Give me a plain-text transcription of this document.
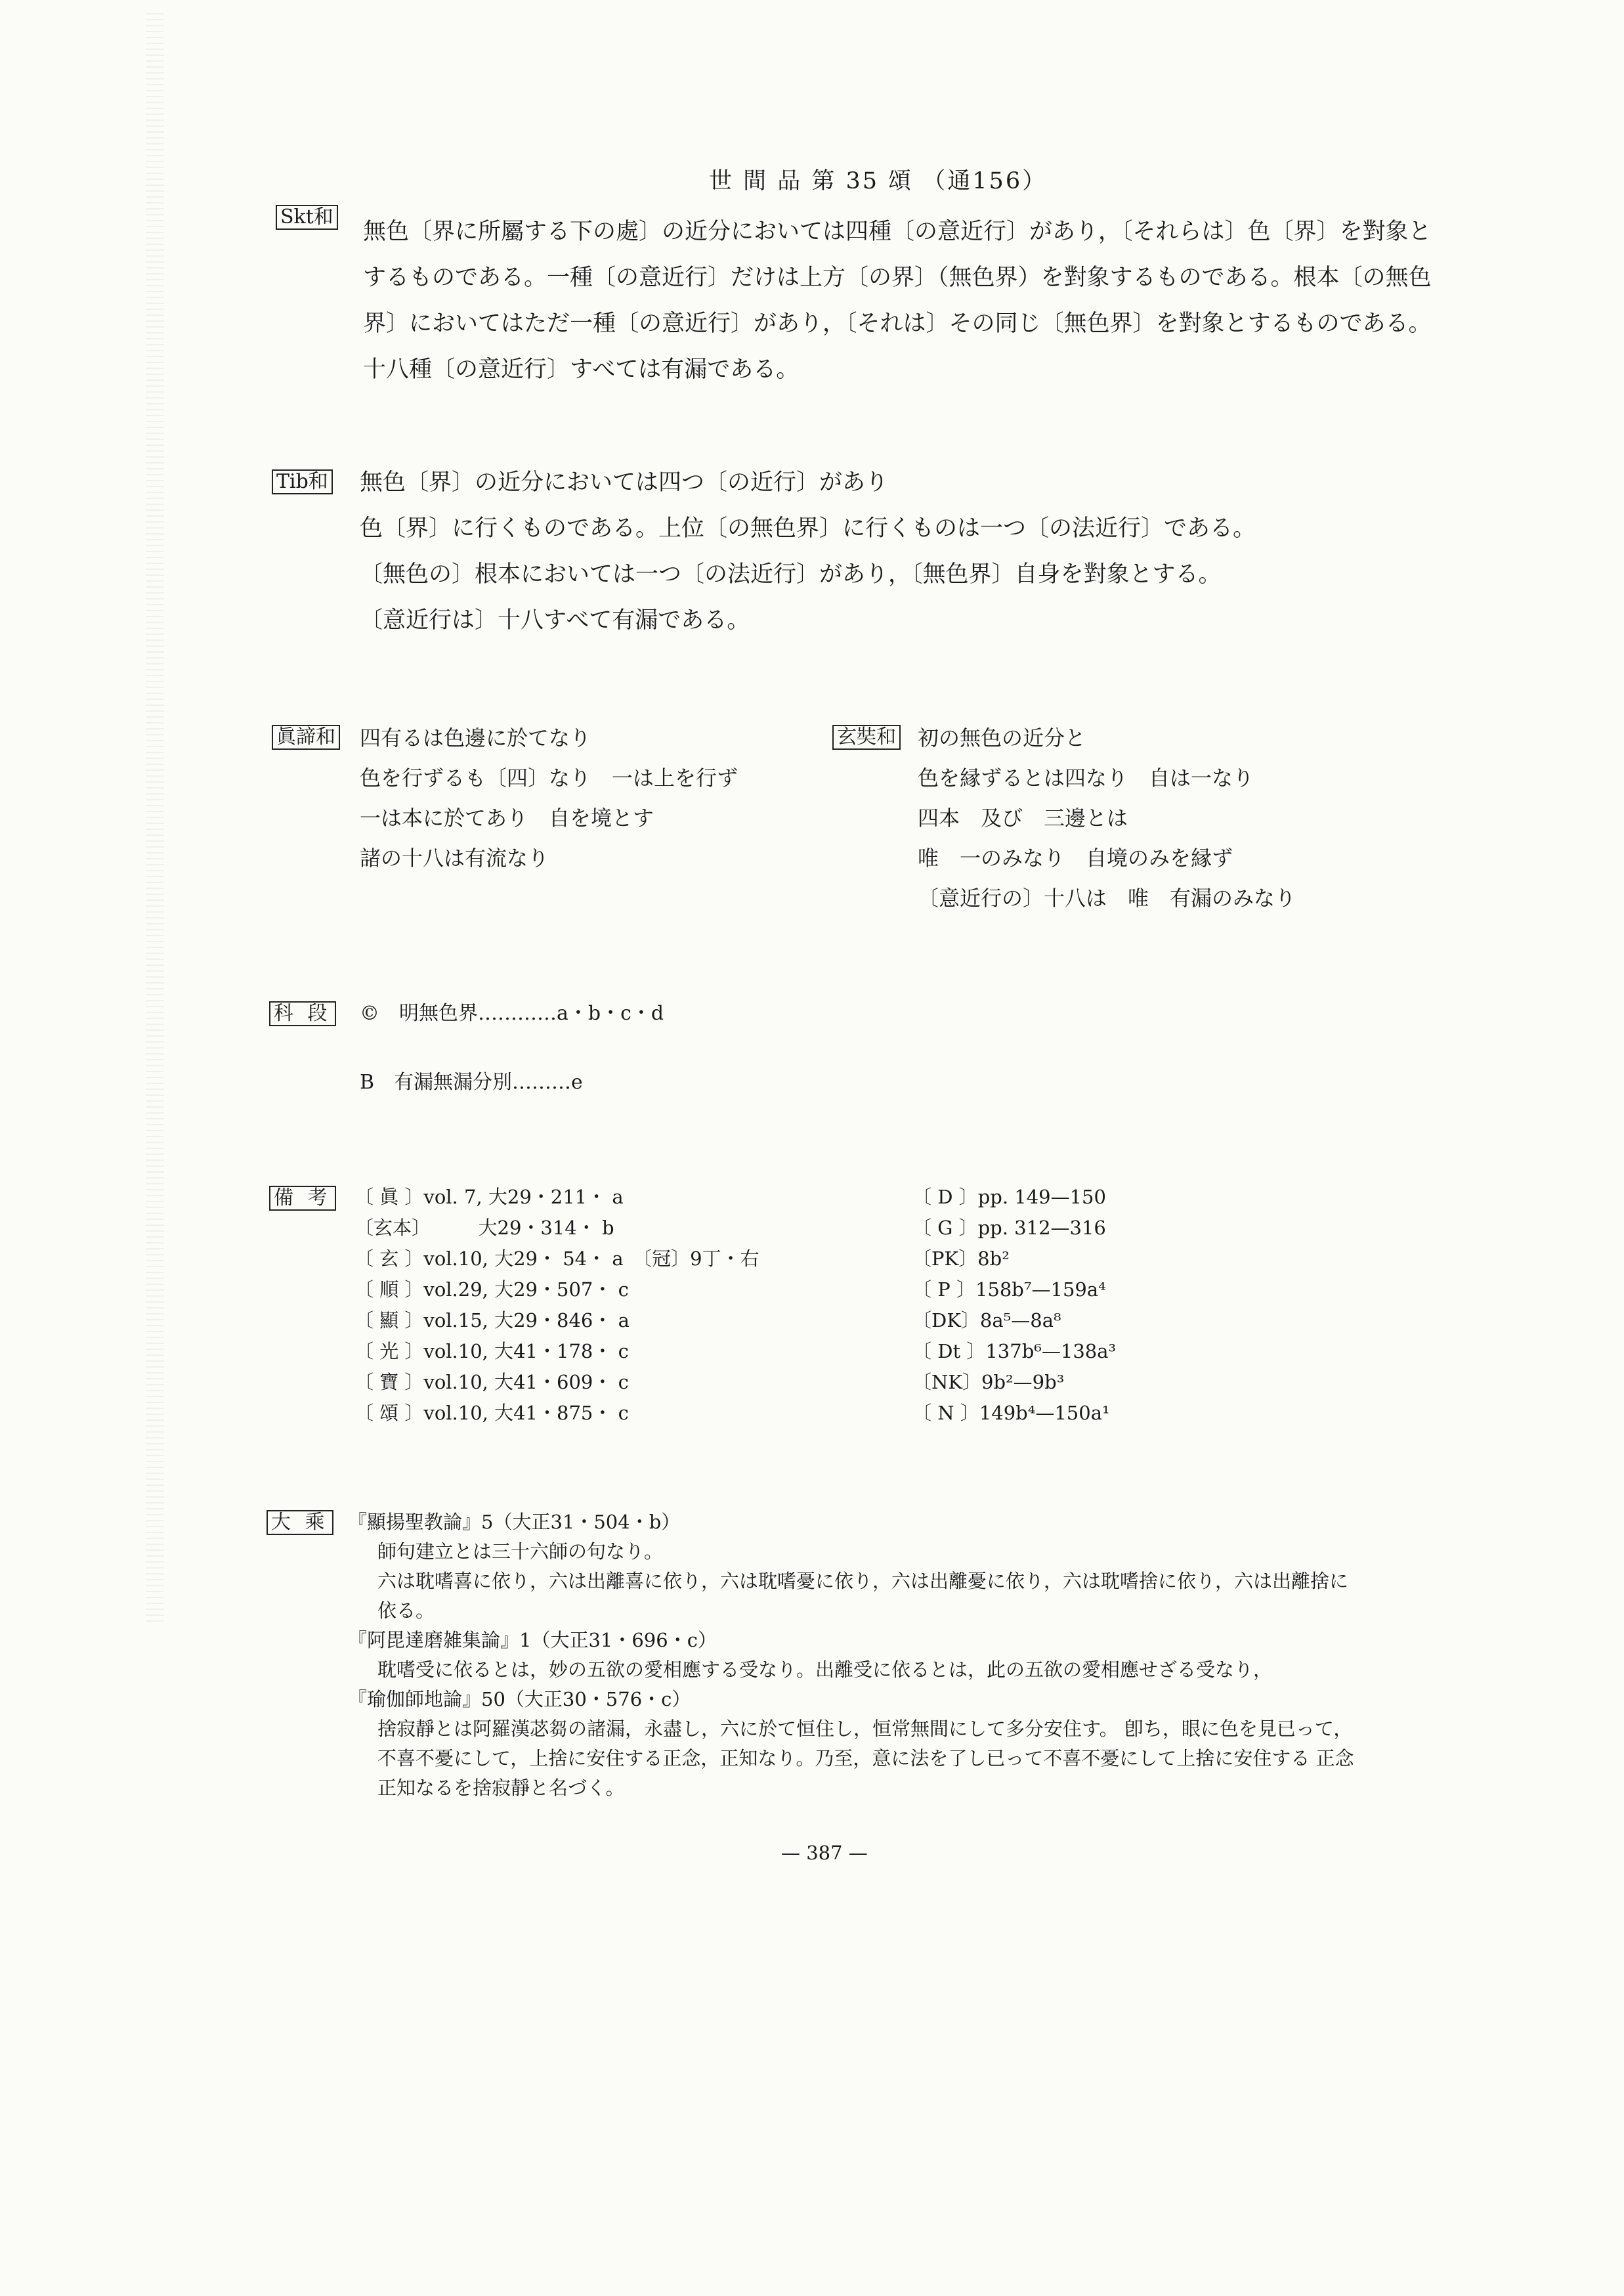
世 間 品 第 35 頌 （通156）
Skt和
無色〔界に所屬する下の處〕の近分においては四種〔の意近行〕があり，〔それらは〕色〔界〕を對象と
するものである。一種〔の意近行〕だけは上方〔の界〕（無色界）を對象するものである。根本〔の無色
界〕においてはただ一種〔の意近行〕があり，〔それは〕その同じ〔無色界〕を對象とするものである。
十八種〔の意近行〕すべては有漏である。
Tib和 無色〔界〕の近分においては四つ〔の近行〕があり
色〔界〕に行くものである。上位〔の無色界〕に行くものは一つ〔の法近行〕である。
〔無色の〕根本においては一つ〔の法近行〕があり，〔無色界〕自身を對象とする。
〔意近行は〕十八すべて有漏である。
眞諦和 四有るは色邊に於てなり
色を行ずるも〔四〕なり　一は上を行ず
一は本に於てあり　自を境とす
諸の十八は有流なり
玄奘和 初の無色の近分と
色を縁ずるとは四なり　自は一なり
四本　及び　三邊とは
唯　一のみなり　自境のみを縁ず
〔意近行の〕十八は　唯　有漏のみなり
科 段 ©　明無色界…………a・b・c・d
B　有漏無漏分別………e
備 考 〔 眞 〕vol. 7, 大29・211・ a
〔玄本〕　　　大29・314・ b
〔 玄 〕vol.10, 大29・ 54・ a　〔冠〕9丁・右
〔 順 〕vol.29, 大29・507・ c
〔 顯 〕vol.15, 大29・846・ a
〔 光 〕vol.10, 大41・178・ c
〔 寶 〕vol.10, 大41・609・ c
〔 頌 〕vol.10, 大41・875・ c
〔 D 〕pp. 149—150
〔 G 〕pp. 312—316
〔PK〕8b²
〔 P 〕158b⁷—159a⁴
〔DK〕8a⁵—8a⁸
〔 Dt 〕137b⁶—138a³
〔NK〕9b²—9b³
〔 N 〕149b⁴—150a¹
大 乘 『顯揚聖教論』5（大正31・504・b）
師句建立とは三十六師の句なり。
六は耽嗜喜に依り，六は出離喜に依り，六は耽嗜憂に依り，六は出離憂に依り，六は耽嗜捨に依り，六は出離捨に
依る。
『阿毘達磨雑集論』1（大正31・696・c）
耽嗜受に依るとは，妙の五欲の愛相應する受なり。出離受に依るとは，此の五欲の愛相應せざる受なり，
『瑜伽師地論』50（大正30・576・c）
捨寂靜とは阿羅漢苾芻の諸漏，永盡し，六に於て恒住し，恒常無間にして多分安住す。 卽ち，眼に色を見已って，
不喜不憂にして，上捨に安住する正念，正知なり。乃至，意に法を了し已って不喜不憂にして上捨に安住する 正念
正知なるを捨寂靜と名づく。
— 387 —
